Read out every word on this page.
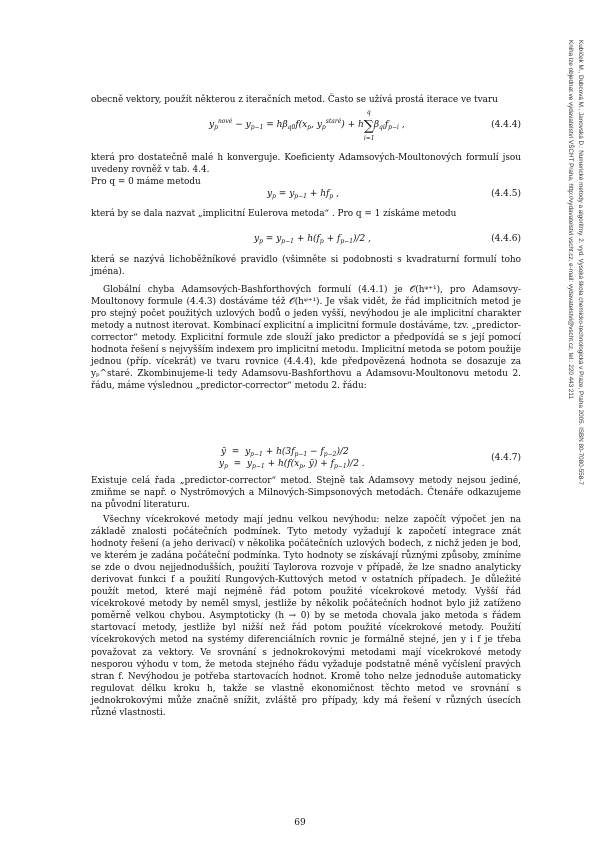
Kubíček M., Dubcová M., Janovská D.: Numerické metody a algoritmy. 2. vyd. Vysoká škola chemicko-technologická v Praze, Praha 2005. ISBN 80-7080-558-7
Kniha lze objednat ve vydavatelství VŠCHT Praha, http://vydavatelstvi.vscht.cz, e-mail: vydavatelstvi@vscht.cz, tel.: 220 443 211

obecně vektory, použít některou z iteračních metod. Často se užívá prostá iterace ve tvaru

$y_p^{nové} - y_{p-1} = h\beta_{q0}f(x_p$, $y_p^{staré}) + h\sum$
q
i=1
$\beta_{qi}f_{p-i}$ ,	(4.4.4)

která pro dostatečně malé h konverguje. Koeficienty Adamsových-Moultonových formulí jsou uvedeny rovněž v tab. 4.4.

Pro q = 0 máme metodu

$y_p = y_{p-1} + hf_p$ ,	(4.4.5)

která by se dala nazvat „implicitní Eulerova metoda“ . Pro q = 1 získáme metodu

$y_p = y_{p-1} + h(f_p + f_{p-1})/2$ ,	(4.4.6)

která se nazývá lichoběžníkové pravidlo (všimněte si podobnosti s kvadraturní formulí toho jména).

Globální chyba Adamsových-Bashforthových formulí (4.4.1) je 𝒪(hᵠ⁺¹), pro Adamsovy-Moultonovy formule (4.4.3) dostáváme též 𝒪(hᵠ⁺¹). Je však vidět, že řád implicitních metod je pro stejný počet použitých uzlových bodů o jeden vyšší, nevýhodou je ale implicitní charakter metody a nutnost iterovat. Kombinací explicitní a implicitní formule dostáváme, tzv. „predictor-corrector“ metody. Explicitní formule zde slouží jako predictor a předpovídá se s její pomocí hodnota řešení s nejvyšším indexem pro implicitní metodu. Implicitní metoda se potom použije jednou (příp. vícekrát) ve tvaru rovnice (4.4.4), kde předpovězená hodnota se dosazuje za yₚ^staré. Zkombinujeme-li tedy Adamsovu-Bashforthovu a Adamsovu-Moultonovu metodu 2. řádu, máme výslednou „predictor-corrector“ metodu 2. řádu:

ȳ  =  $y_{p-1} + h(3f_{p-1} - f_{p-2})/2$
$y_p = y_{p-1} + h(f(x_p$, ȳ) + $f_{p-1})/2$ .
(4.4.7)

Existuje celá řada „predictor-corrector“ metod. Stejně tak Adamsovy metody nejsou jediné, zmiňme se např. o Nyströmových a Milnových-Simpsonových metodách. Čtenáře odkazujeme na původní literaturu.

Všechny vícekrokové metody mají jednu velkou nevýhodu: nelze započít výpočet jen na základě znalosti počátečních podmínek. Tyto metody vyžadují k započetí integrace znát hodnoty řešení (a jeho derivací) v několika počátečních uzlových bodech, z nichž jeden je bod, ve kterém je zadána počáteční podmínka. Tyto hodnoty se získávají různými způsoby, zmíníme se zde o dvou nejjednodušších, použití Taylorova rozvoje v případě, že lze snadno analyticky derivovat funkci f a použití Rungových-Kuttových metod v ostatních případech. Je důležité použít metod, které mají nejméně řád potom použité vícekrokové metody. Vyšší řád vícekrokové metody by neměl smysl, jestliže by několik počátečních hodnot bylo již zatíženo poměrně velkou chybou. Asymptoticky (h → 0) by se metoda chovala jako metoda s řádem startovací metody, jestliže byl nižší než řád potom použité vícekrokové metody. Použití vícekrokových metod na systémy diferenciálních rovnic je formálně stejné, jen y i f je třeba považovat za vektory. Ve srovnání s jednokrokovými metodami mají vícekrokové metody nesporou výhodu v tom, že metoda stejného řádu vyžaduje podstatně méně vyčíslení pravých stran f. Nevýhodou je potřeba startovacích hodnot. Kromě toho nelze jednoduše automaticky regulovat délku kroku h, takže se vlastně ekonomičnost těchto metod ve srovnání s jednokrokovými může značně snížit, zvláště pro případy, kdy má řešení v různých úsecích různé vlastnosti.

69
